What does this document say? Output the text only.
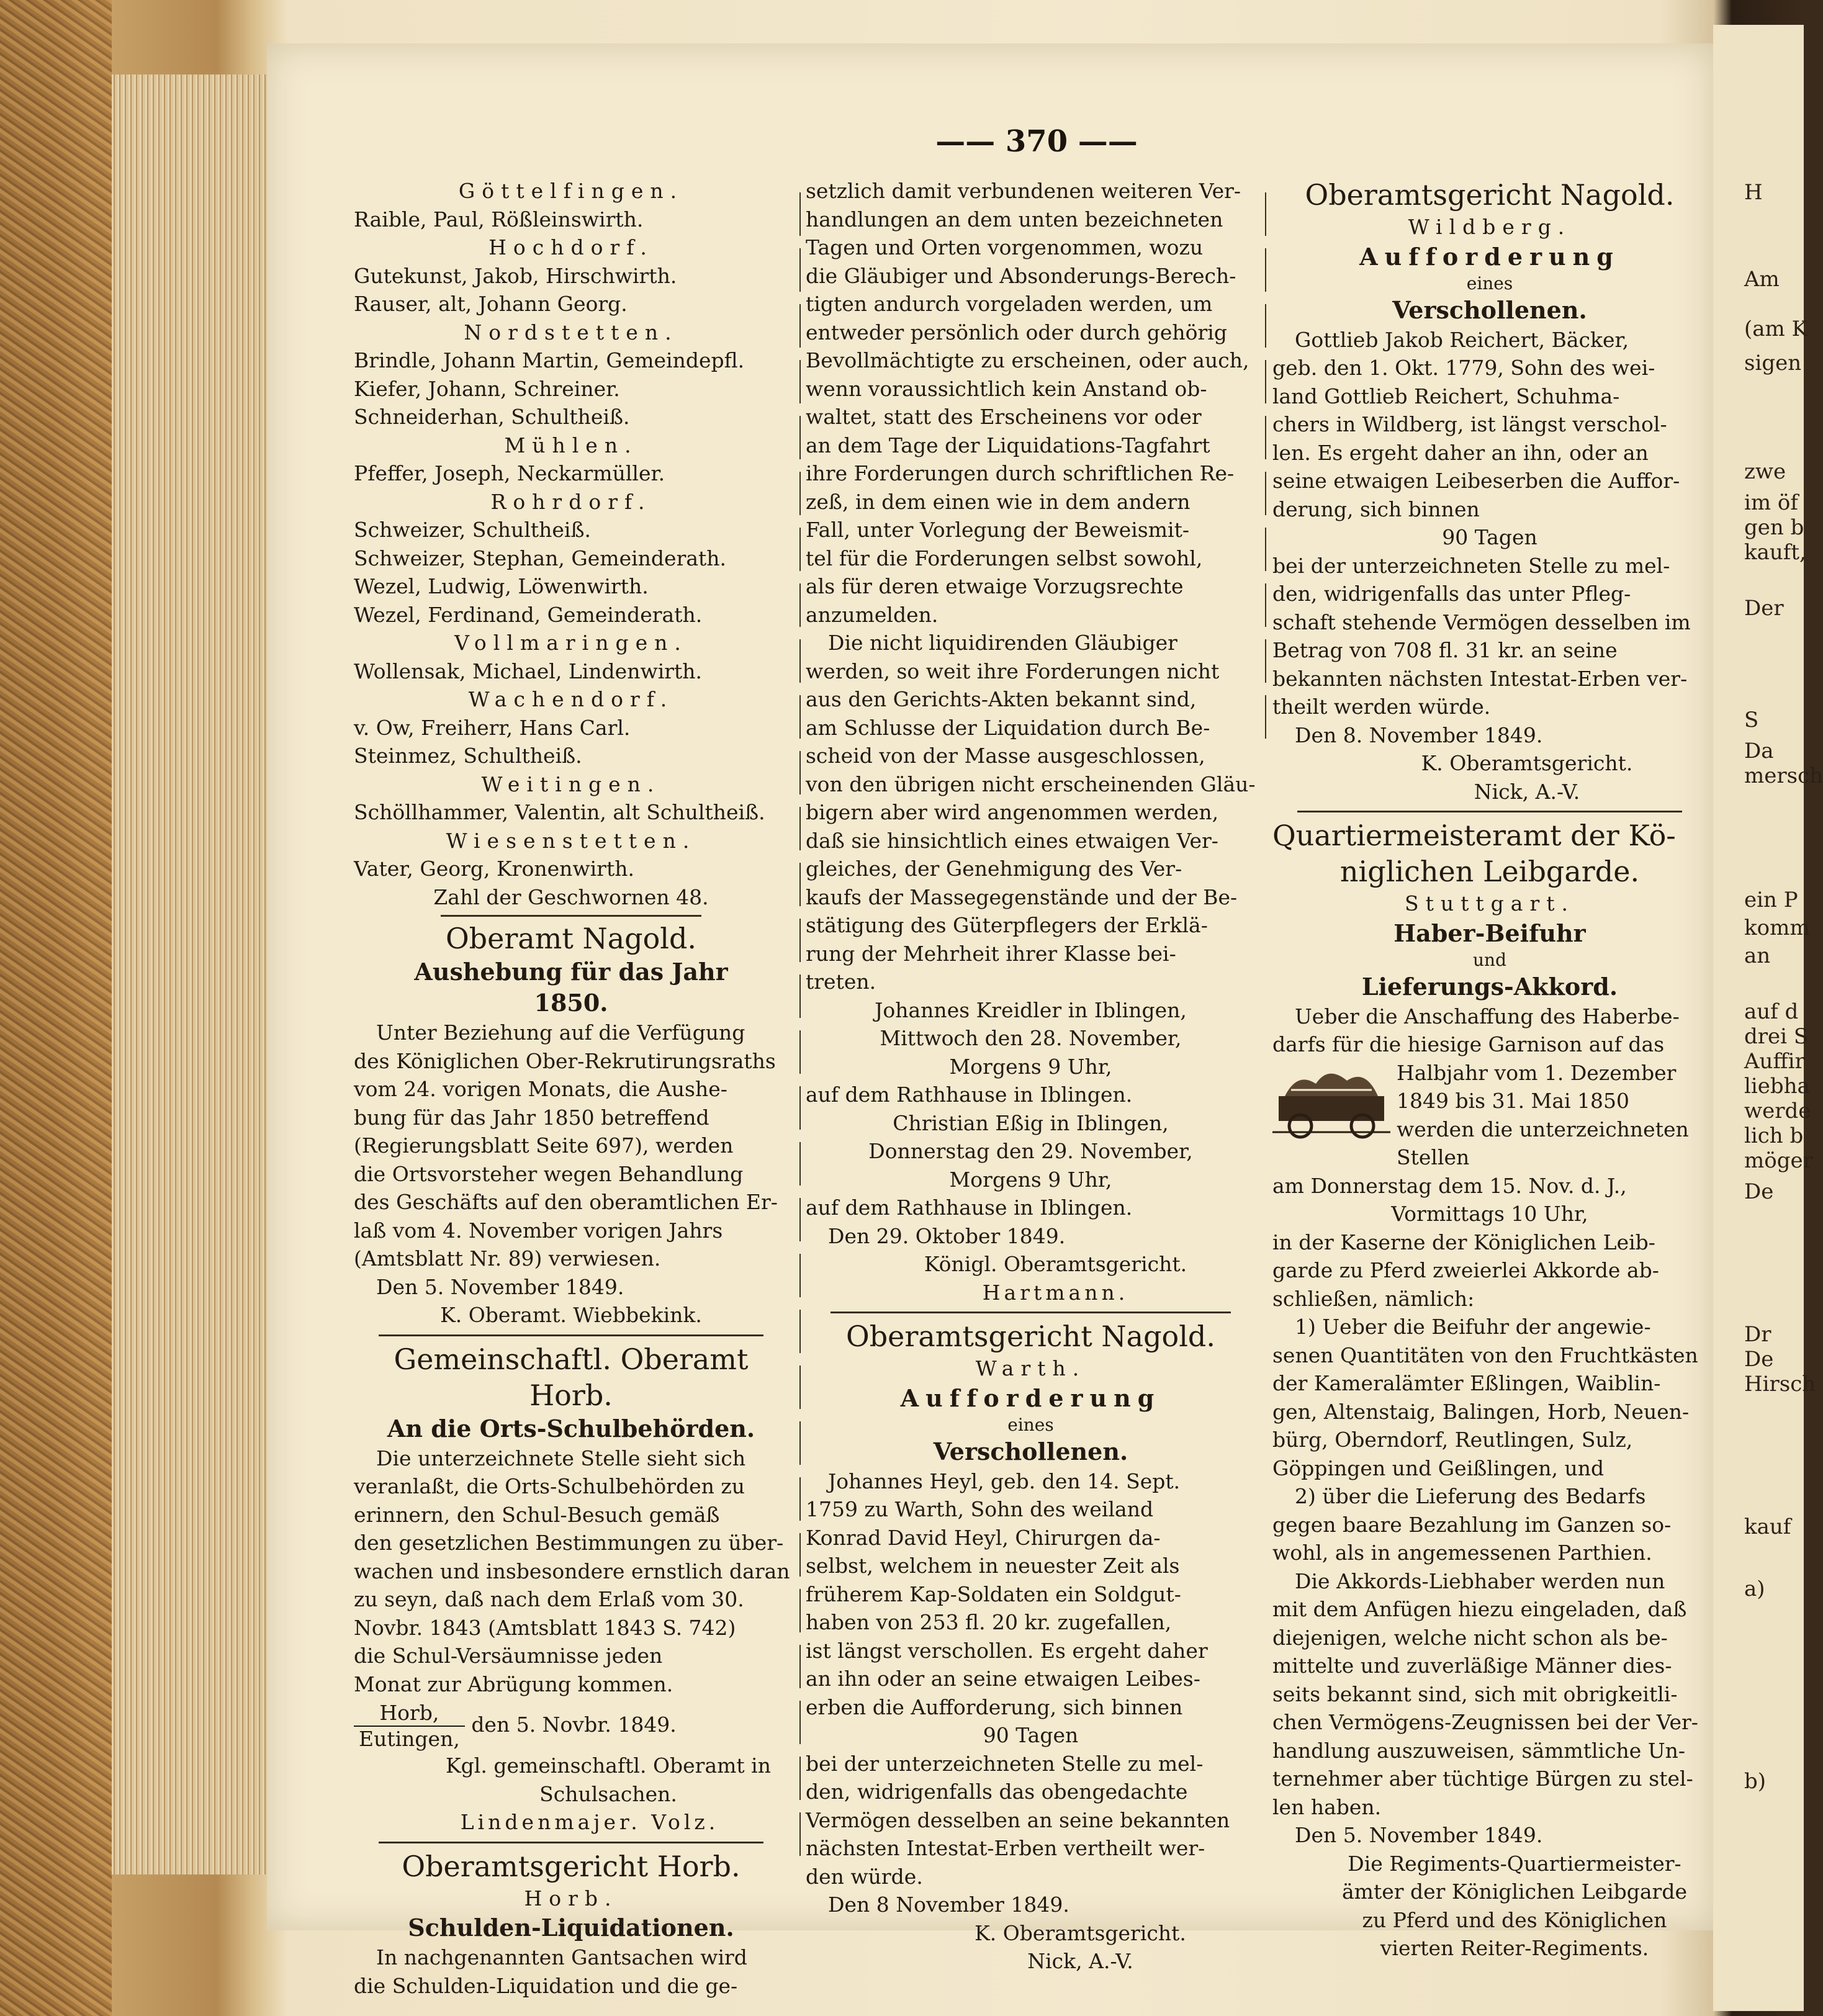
—— 370 ——
Göttelfingen.
Raible, Paul, Rößleinswirth.
Hochdorf.
Gutekunst, Jakob, Hirschwirth.
Rauser, alt, Johann Georg.
Nordstetten.
Brindle, Johann Martin, Gemeindepfl.
Kiefer, Johann, Schreiner.
Schneiderhan, Schultheiß.
Mühlen.
Pfeffer, Joseph, Neckarmüller.
Rohrdorf.
Schweizer, Schultheiß.
Schweizer, Stephan, Gemeinderath.
Wezel, Ludwig, Löwenwirth.
Wezel, Ferdinand, Gemeinderath.
Vollmaringen.
Wollensak, Michael, Lindenwirth.
Wachendorf.
v. Ow, Freiherr, Hans Carl.
Steinmez, Schultheiß.
Weitingen.
Schöllhammer, Valentin, alt Schultheiß.
Wiesenstetten.
Vater, Georg, Kronenwirth.
Zahl der Geschwornen 48.
Oberamt Nagold.
Aushebung für das Jahr
1850.
Unter Beziehung auf die Verfügung
des Königlichen Ober-Rekrutirungsraths
vom 24. vorigen Monats, die Aushe-
bung für das Jahr 1850 betreffend
(Regierungsblatt Seite 697), werden
die Ortsvorsteher wegen Behandlung
des Geschäfts auf den oberamtlichen Er-
laß vom 4. November vorigen Jahrs
(Amtsblatt Nr. 89) verwiesen.
Den 5. November 1849.
K. Oberamt. Wiebbekink.
Gemeinschaftl. Oberamt Horb.
An die Orts-Schulbehörden.
Die unterzeichnete Stelle sieht sich
veranlaßt, die Orts-Schulbehörden zu
erinnern, den Schul-Besuch gemäß
den gesetzlichen Bestimmungen zu über-
wachen und insbesondere ernstlich daran
zu seyn, daß nach dem Erlaß vom 30.
Novbr. 1843 (Amtsblatt 1843 S. 742)
die Schul-Versäumnisse jeden
Monat zur Abrügung kommen.
Horb,
Eutingen,
den 5. Novbr. 1849.
Kgl. gemeinschaftl. Oberamt in
Schulsachen.
Lindenmajer. Volz.
Oberamtsgericht Horb.
Horb.
Schulden-Liquidationen.
In nachgenannten Gantsachen wird
die Schulden-Liquidation und die ge-
setzlich damit verbundenen weiteren Ver-
handlungen an dem unten bezeichneten
Tagen und Orten vorgenommen, wozu
die Gläubiger und Absonderungs-Berech-
tigten andurch vorgeladen werden, um
entweder persönlich oder durch gehörig
Bevollmächtigte zu erscheinen, oder auch,
wenn voraussichtlich kein Anstand ob-
waltet, statt des Erscheinens vor oder
an dem Tage der Liquidations-Tagfahrt
ihre Forderungen durch schriftlichen Re-
zeß, in dem einen wie in dem andern
Fall, unter Vorlegung der Beweismit-
tel für die Forderungen selbst sowohl,
als für deren etwaige Vorzugsrechte
anzumelden.
Die nicht liquidirenden Gläubiger
werden, so weit ihre Forderungen nicht
aus den Gerichts-Akten bekannt sind,
am Schlusse der Liquidation durch Be-
scheid von der Masse ausgeschlossen,
von den übrigen nicht erscheinenden Gläu-
bigern aber wird angenommen werden,
daß sie hinsichtlich eines etwaigen Ver-
gleiches, der Genehmigung des Ver-
kaufs der Massegegenstände und der Be-
stätigung des Güterpflegers der Erklä-
rung der Mehrheit ihrer Klasse bei-
treten.
Johannes Kreidler in Iblingen,
Mittwoch den 28. November,
Morgens 9 Uhr,
auf dem Rathhause in Iblingen.
Christian Eßig in Iblingen,
Donnerstag den 29. November,
Morgens 9 Uhr,
auf dem Rathhause in Iblingen.
Den 29. Oktober 1849.
Königl. Oberamtsgericht.
Hartmann.
Oberamtsgericht Nagold.
Warth.
Aufforderung
eines
Verschollenen.
Johannes Heyl, geb. den 14. Sept.
1759 zu Warth, Sohn des weiland
Konrad David Heyl, Chirurgen da-
selbst, welchem in neuester Zeit als
früherem Kap-Soldaten ein Soldgut-
haben von 253 fl. 20 kr. zugefallen,
ist längst verschollen. Es ergeht daher
an ihn oder an seine etwaigen Leibes-
erben die Aufforderung, sich binnen
90 Tagen
bei der unterzeichneten Stelle zu mel-
den, widrigenfalls das obengedachte
Vermögen desselben an seine bekannten
nächsten Intestat-Erben vertheilt wer-
den würde.
Den 8 November 1849.
K. Oberamtsgericht.
Nick, A.-V.
Oberamtsgericht Nagold.
Wildberg.
Aufforderung
eines
Verschollenen.
Gottlieb Jakob Reichert, Bäcker,
geb. den 1. Okt. 1779, Sohn des wei-
land Gottlieb Reichert, Schuhma-
chers in Wildberg, ist längst verschol-
len. Es ergeht daher an ihn, oder an
seine etwaigen Leibeserben die Auffor-
derung, sich binnen
90 Tagen
bei der unterzeichneten Stelle zu mel-
den, widrigenfalls das unter Pfleg-
schaft stehende Vermögen desselben im
Betrag von 708 fl. 31 kr. an seine
bekannten nächsten Intestat-Erben ver-
theilt werden würde.
Den 8. November 1849.
K. Oberamtsgericht.
Nick, A.-V.
Quartiermeisteramt der Kö-
niglichen Leibgarde.
Stuttgart.
Haber-Beifuhr
und
Lieferungs-Akkord.
Ueber die Anschaffung des Haberbe-
darfs für die hiesige Garnison auf das
Halbjahr vom 1. Dezember
1849 bis 31. Mai 1850
werden die unterzeichneten
Stellen
am Donnerstag dem 15. Nov. d. J.,
Vormittags 10 Uhr,
in der Kaserne der Königlichen Leib-
garde zu Pferd zweierlei Akkorde ab-
schließen, nämlich:
1) Ueber die Beifuhr der angewie-
senen Quantitäten von den Fruchtkästen
der Kameralämter Eßlingen, Waiblin-
gen, Altenstaig, Balingen, Horb, Neuen-
bürg, Oberndorf, Reutlingen, Sulz,
Göppingen und Geißlingen, und
2) über die Lieferung des Bedarfs
gegen baare Bezahlung im Ganzen so-
wohl, als in angemessenen Parthien.
Die Akkords-Liebhaber werden nun
mit dem Anfügen hiezu eingeladen, daß
diejenigen, welche nicht schon als be-
mittelte und zuverläßige Männer dies-
seits bekannt sind, sich mit obrigkeitli-
chen Vermögens-Zeugnissen bei der Ver-
handlung auszuweisen, sämmtliche Un-
ternehmer aber tüchtige Bürgen zu stel-
len haben.
Den 5. November 1849.
Die Regiments-Quartiermeister-
ämter der Königlichen Leibgarde
zu Pferd und des Königlichen
vierten Reiter-Regiments.
H
Am
(am K
sigen
zwe
im öf
gen b
kauft,
Der
S
Da
mersch
ein P
komm
an
auf d
drei S
Auffir
liebha
werde
lich b
möger
De
Dr
De
Hirsch
kauf
a)
b)
